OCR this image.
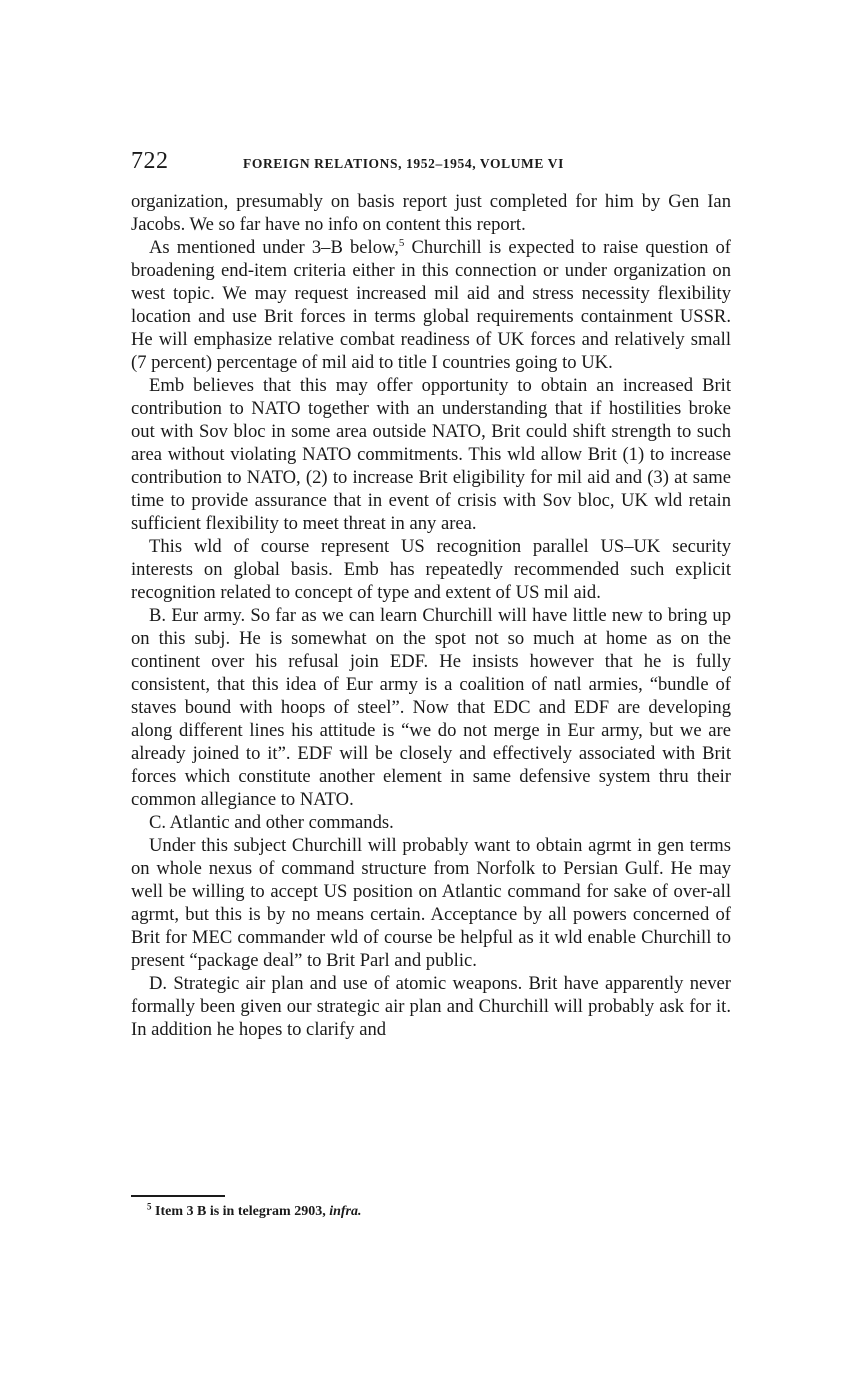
722	FOREIGN RELATIONS, 1952–1954, VOLUME VI

organization, presumably on basis report just completed for him by Gen Ian Jacobs. We so far have no info on content this report.

As mentioned under 3–B below,$^5$ Churchill is expected to raise question of broadening end-item criteria either in this connection or under organization on west topic. We may request increased mil aid and stress necessity flexibility location and use Brit forces in terms global requirements containment USSR. He will emphasize relative combat readiness of UK forces and relatively small (7 percent) percentage of mil aid to title I countries going to UK.

Emb believes that this may offer opportunity to obtain an increased Brit contribution to NATO together with an understanding that if hostilities broke out with Sov bloc in some area outside NATO, Brit could shift strength to such area without violating NATO commitments. This wld allow Brit (1) to increase contribution to NATO, (2) to increase Brit eligibility for mil aid and (3) at same time to provide assurance that in event of crisis with Sov bloc, UK wld retain sufficient flexibility to meet threat in any area.

This wld of course represent US recognition parallel US–UK security interests on global basis. Emb has repeatedly recommended such explicit recognition related to concept of type and extent of US mil aid.

B. Eur army. So far as we can learn Churchill will have little new to bring up on this subj. He is somewhat on the spot not so much at home as on the continent over his refusal join EDF. He insists however that he is fully consistent, that this idea of Eur army is a coalition of natl armies, “bundle of staves bound with hoops of steel”. Now that EDC and EDF are developing along different lines his attitude is “we do not merge in Eur army, but we are already joined to it”. EDF will be closely and effectively associated with Brit forces which constitute another element in same defensive system thru their common allegiance to NATO.

C. Atlantic and other commands.

Under this subject Churchill will probably want to obtain agrmt in gen terms on whole nexus of command structure from Norfolk to Persian Gulf. He may well be willing to accept US position on Atlantic command for sake of over-all agrmt, but this is by no means certain. Acceptance by all powers concerned of Brit for MEC commander wld of course be helpful as it wld enable Churchill to present “package deal” to Brit Parl and public.

D. Strategic air plan and use of atomic weapons. Brit have apparently never formally been given our strategic air plan and Churchill will probably ask for it. In addition he hopes to clarify and

$^5$ Item 3 B is in telegram 2903, infra.
